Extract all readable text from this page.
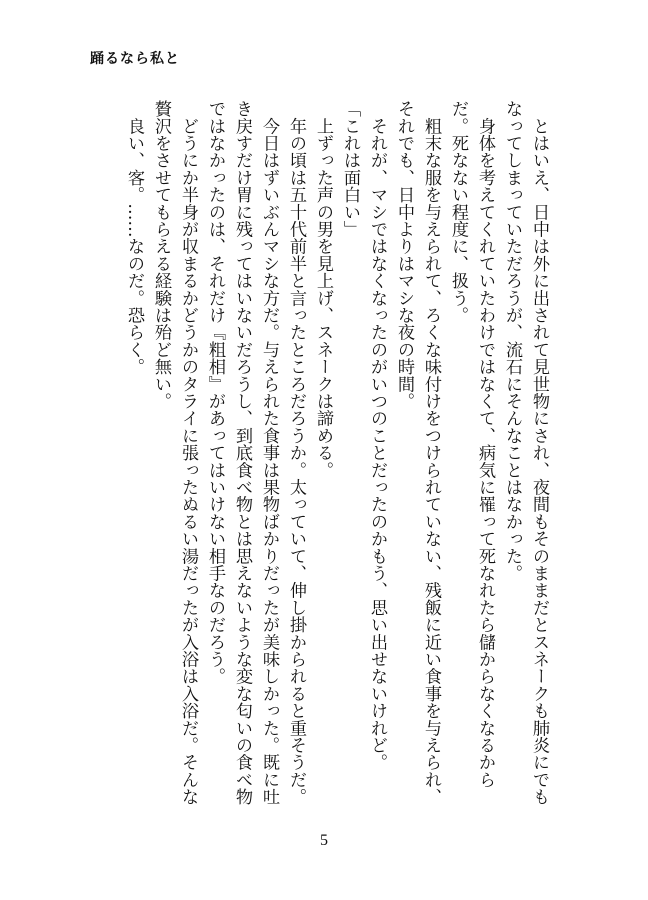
踊るなら私と

　とはいえ、日中は外に出されて見世物にされ、夜間もそのままだとスネークも肺炎にでもなってしまっていただろうが、流石にそんなことはなかった。

　身体を考えてくれていたわけではなくて、病気に罹って死なれたら儲からなくなるからだ。死なない程度に、扱う。

　粗末な服を与えられて、ろくな味付けをつけられていない、残飯に近い食事を与えられ、それでも、日中よりはマシな夜の時間。

　それが、マシではなくなったのがいつのことだったのかもう、思い出せないけれど。

「これは面白い」

　上ずった声の男を見上げ、スネークは諦める。

　年の頃は五十代前半と言ったところだろうか。太っていて、伸し掛かられると重そうだ。

　今日はずいぶんマシな方だ。与えられた食事は果物ばかりだったが美味しかった。既に吐き戻すだけ胃に残ってはいないだろうし、到底食べ物とは思えないような変な匂いの食べ物ではなかったのは、それだけ『粗相』があってはいけない相手なのだろう。

　どうにか半身が収まるかどうかのタライに張ったぬるい湯だったが入浴は入浴だ。そんな贅沢をさせてもらえる経験は殆ど無い。

　良い、客。……なのだ。恐らく。

5
